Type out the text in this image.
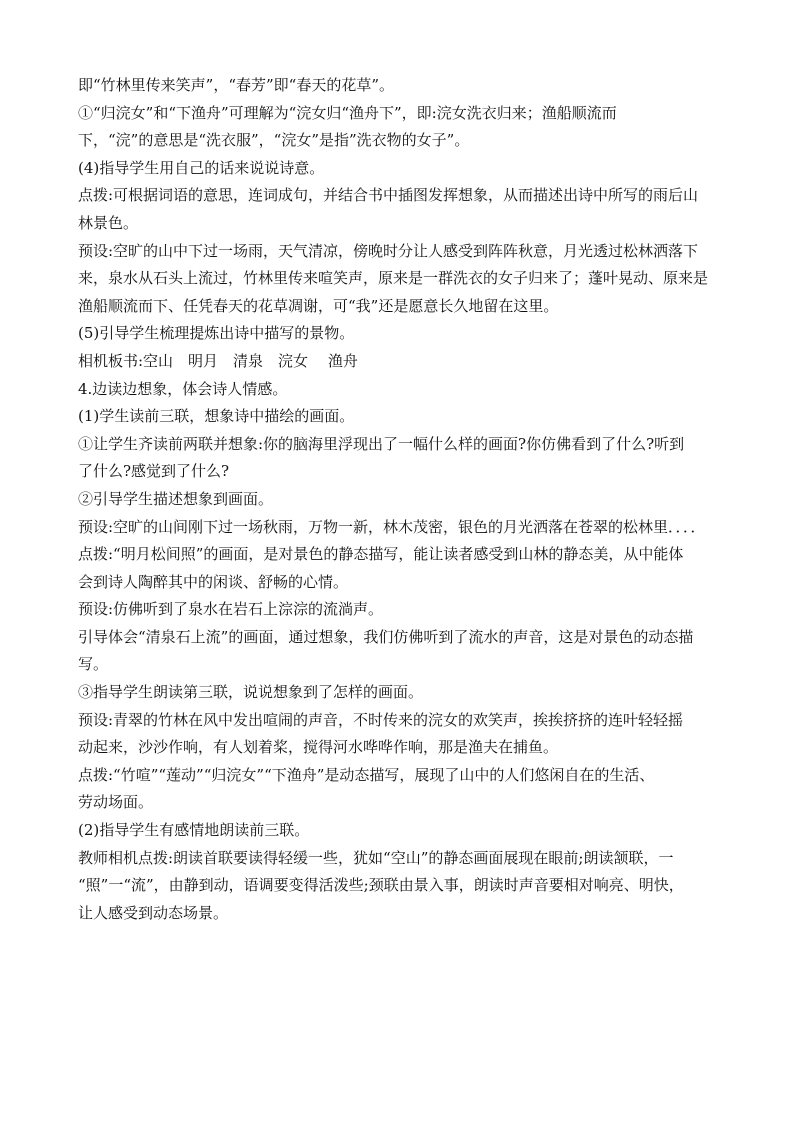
即“竹林里传来笑声”，“春芳”即“春天的花草”。
①“归浣女”和“下渔舟”可理解为“浣女归“渔舟下”，即:浣女洗衣归来；渔船顺流而
下，“浣”的意思是“洗衣服”，“浣女”是指”洗衣物的女子”。
(4)指导学生用自己的话来说说诗意。
点拨:可根据词语的意思，连词成句，并结合书中插图发挥想象，从而描述出诗中所写的雨后山
林景色。
预设:空旷的山中下过一场雨，天气清凉，傍晚时分让人感受到阵阵秋意，月光透过松林洒落下
来，泉水从石头上流过，竹林里传来喧笑声，原来是一群洗衣的女子归来了；蓬叶晃动、原来是
渔船顺流而下、任凭春天的花草凋谢，可“我”还是愿意长久地留在这里。
(5)引导学生梳理提炼出诗中描写的景物。
相机板书:空山　明月　清泉　浣女　 渔舟
4.边读边想象，体会诗人情感。
(1)学生读前三联，想象诗中描绘的画面。
①让学生齐读前两联并想象:你的脑海里浮现出了一幅什么样的画面?你仿佛看到了什么?听到
了什么?感觉到了什么?
②引导学生描述想象到画面。
预设:空旷的山间刚下过一场秋雨，万物一新，林木茂密，银色的月光洒落在苍翠的松林里．．．．
点拨:“明月松间照”的画面，是对景色的静态描写，能让读者感受到山林的静态美，从中能体
会到诗人陶醉其中的闲谈、舒畅的心情。
预设:仿佛听到了泉水在岩石上淙淙的流淌声。
引导体会“清泉石上流”的画面，通过想象，我们仿佛听到了流水的声音，这是对景色的动态描
写。
③指导学生朗读第三联，说说想象到了怎样的画面。
预设:青翠的竹林在风中发出喧闹的声音，不时传来的浣女的欢笑声，挨挨挤挤的连叶轻轻摇
动起来，沙沙作响，有人划着桨，搅得河水哗哗作响，那是渔夫在捕鱼。
点拨:“竹喧”“莲动”“归浣女”“下渔舟”是动态描写，展现了山中的人们悠闲自在的生活、
劳动场面。
(2)指导学生有感情地朗读前三联。
教师相机点拨:朗读首联要读得轻缓一些，犹如“空山”的静态画面展现在眼前;朗读颔联，一
“照”一“流”，由静到动，语调要变得活泼些;颈联由景入事，朗读时声音要相对响亮、明快，
让人感受到动态场景。
